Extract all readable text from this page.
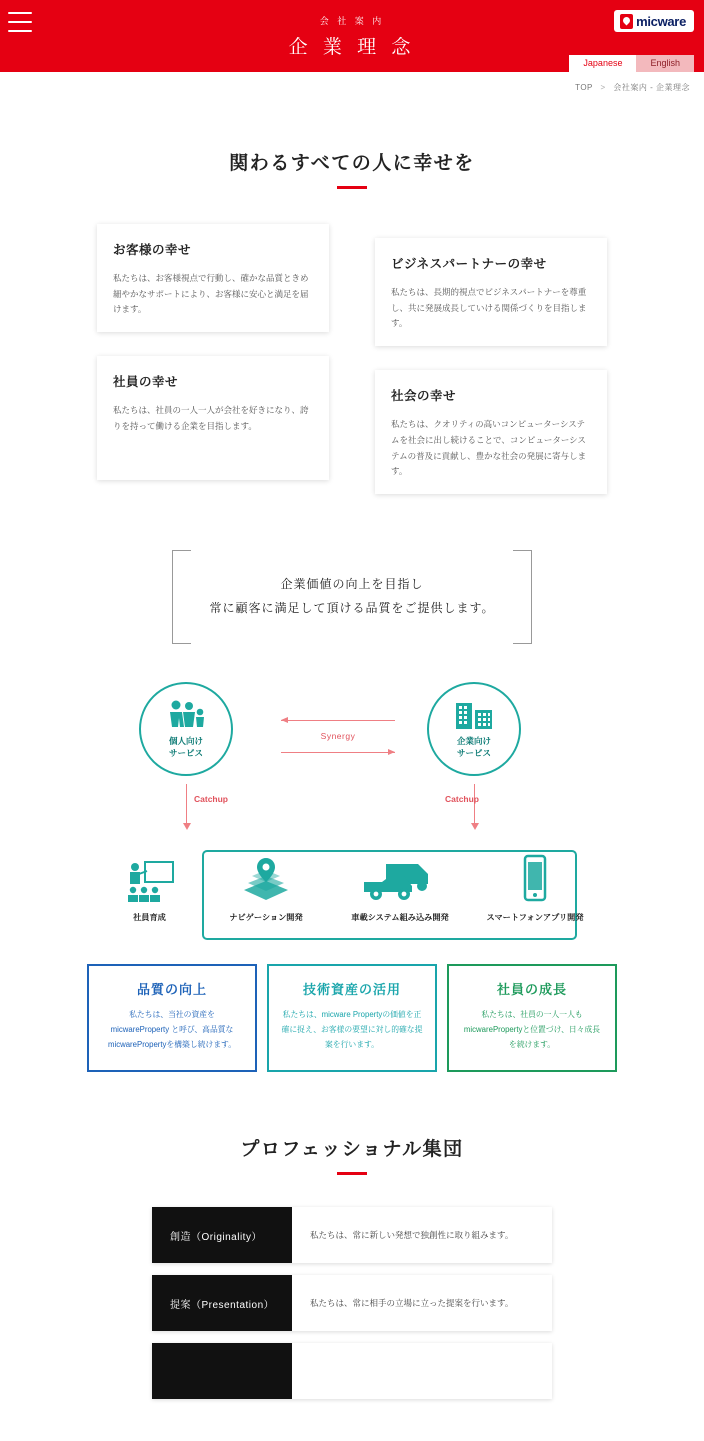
会 社 案 内
企 業 理 念
micware
Japanese	English
TOP > 会社案内 - 企業理念
関わるすべての人に幸せを
お客様の幸せ

私たちは、お客様視点で行動し、確かな品質ときめ細やかなサポートにより、お客様に安心と満足を届けます。

ビジネスパートナーの幸せ

私たちは、長期的視点でビジネスパートナーを尊重し、共に発展成長していける関係づくりを目指します。

社員の幸せ

私たちは、社員の一人一人が会社を好きになり、誇りを持って働ける企業を目指します。

社会の幸せ

私たちは、クオリティの高いコンピューターシステムを社会に出し続けることで、コンピューターシステムの普及に貢献し、豊かな社会の発展に寄与します。

企業価値の向上を目指し

常に顧客に満足して頂ける品質をご提供します。

個人向け
サービス
企業向け
サービス
Synergy
Catchup	Catchup
社員育成	ナビゲーション開発	車載システム組み込み開発	スマートフォンアプリ開発
品質の向上

私たちは、当社の資産をmicwareProperty と呼び、高品質なmicwarePropertyを構築し続けます。

技術資産の活用

私たちは、micware Propertyの価値を正確に捉え、お客様の要望に対し的確な提案を行います。

社員の成長

私たちは、社員の一人一人もmicwarePropertyと位置づけ、日々成長を続けます。

プロフェッショナル集団
創造（Originality）	私たちは、常に新しい発想で独創性に取り組みます。
提案（Presentation）	私たちは、常に相手の立場に立った提案を行います。
